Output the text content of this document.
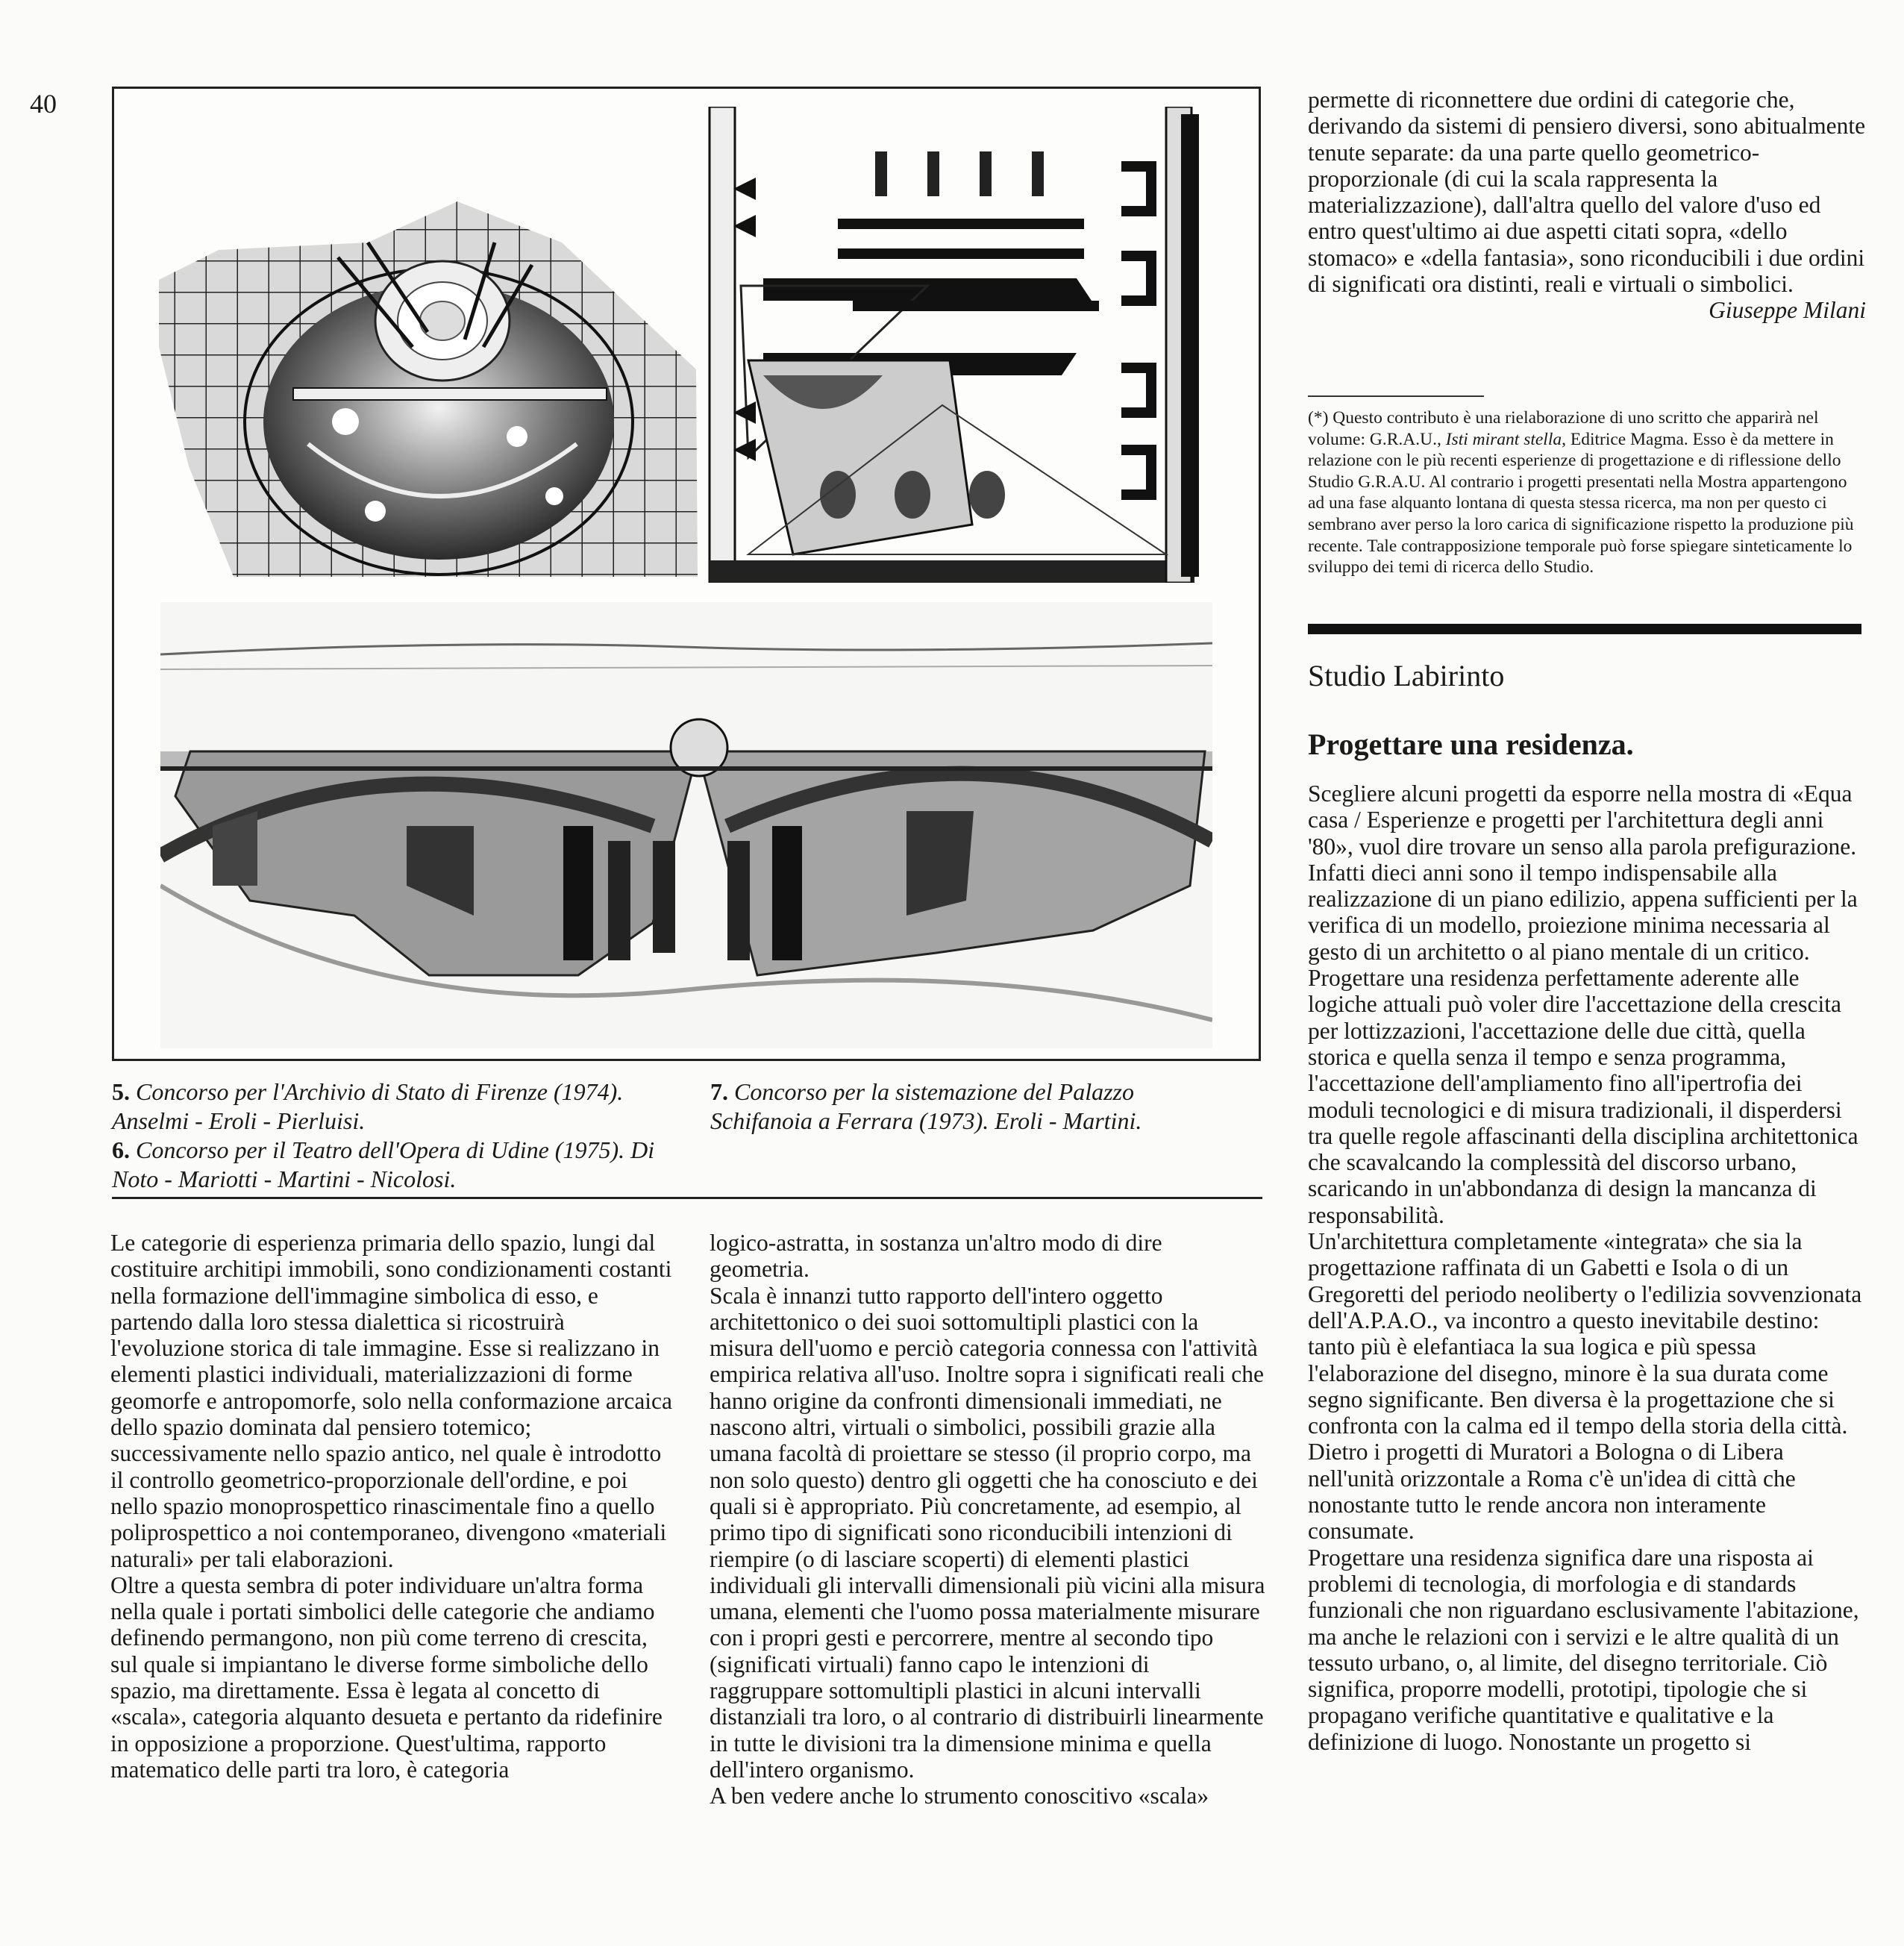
40
5. Concorso per l'Archivio di Stato di Firenze (1974). Anselmi - Eroli - Pierluisi.
6. Concorso per il Teatro dell'Opera di Udine (1975). Di Noto - Mariotti - Martini - Nicolosi.
7. Concorso per la sistemazione del Palazzo Schifanoia a Ferrara (1973). Eroli - Martini.

Le categorie di esperienza primaria dello spazio, lungi dal costituire architipi immobili, sono condizionamenti costanti nella formazione dell'immagine simbolica di esso, e partendo dalla loro stessa dialettica si ricostruirà l'evoluzione storica di tale immagine. Esse si realizzano in elementi plastici individuali, materializzazioni di forme geomorfe e antropomorfe, solo nella conformazione arcaica dello spazio dominata dal pensiero totemico; successivamente nello spazio antico, nel quale è introdotto il controllo geometrico-proporzionale dell'ordine, e poi nello spazio monoprospettico rinascimentale fino a quello poliprospettico a noi contemporaneo, divengono «materiali naturali» per tali elaborazioni.

Oltre a questa sembra di poter individuare un'altra forma nella quale i portati simbolici delle categorie che andiamo definendo permangono, non più come terreno di crescita, sul quale si impiantano le diverse forme simboliche dello spazio, ma direttamente. Essa è legata al concetto di «scala», categoria alquanto desueta e pertanto da ridefinire in opposizione a proporzione. Quest'ultima, rapporto matematico delle parti tra loro, è categoria

logico-astratta, in sostanza un'altro modo di dire geometria.

Scala è innanzi tutto rapporto dell'intero oggetto architettonico o dei suoi sottomultipli plastici con la misura dell'uomo e perciò categoria connessa con l'attività empirica relativa all'uso. Inoltre sopra i significati reali che hanno origine da confronti dimensionali immediati, ne nascono altri, virtuali o simbolici, possibili grazie alla umana facoltà di proiettare se stesso (il proprio corpo, ma non solo questo) dentro gli oggetti che ha conosciuto e dei quali si è appropriato. Più concretamente, ad esempio, al primo tipo di significati sono riconducibili intenzioni di riempire (o di lasciare scoperti) di elementi plastici individuali gli intervalli dimensionali più vicini alla misura umana, elementi che l'uomo possa materialmente misurare con i propri gesti e percorrere, mentre al secondo tipo (significati virtuali) fanno capo le intenzioni di raggruppare sottomultipli plastici in alcuni intervalli distanziali tra loro, o al contrario di distribuirli linearmente in tutte le divisioni tra la dimensione minima e quella dell'intero organismo.

A ben vedere anche lo strumento conoscitivo «scala»

permette di riconnettere due ordini di categorie che, derivando da sistemi di pensiero diversi, sono abitualmente tenute separate: da una parte quello geometrico-proporzionale (di cui la scala rappresenta la materializzazione), dall'altra quello del valore d'uso ed entro quest'ultimo ai due aspetti citati sopra, «dello stomaco» e «della fantasia», sono riconducibili i due ordini di significati ora distinti, reali e virtuali o simbolici.

Giuseppe Milani
(*) Questo contributo è una rielaborazione di uno scritto che apparirà nel volume: G.R.A.U., Isti mirant stella, Editrice Magma. Esso è da mettere in relazione con le più recenti esperienze di progettazione e di riflessione dello Studio G.R.A.U. Al contrario i progetti presentati nella Mostra appartengono ad una fase alquanto lontana di questa stessa ricerca, ma non per questo ci sembrano aver perso la loro carica di significazione rispetto la produzione più recente. Tale contrapposizione temporale può forse spiegare sinteticamente lo sviluppo dei temi di ricerca dello Studio.
Studio Labirinto
Progettare una residenza.

Scegliere alcuni progetti da esporre nella mostra di «Equa casa / Esperienze e progetti per l'architettura degli anni '80», vuol dire trovare un senso alla parola prefigurazione.

Infatti dieci anni sono il tempo indispensabile alla realizzazione di un piano edilizio, appena sufficienti per la verifica di un modello, proiezione minima necessaria al gesto di un architetto o al piano mentale di un critico.

Progettare una residenza perfettamente aderente alle logiche attuali può voler dire l'accettazione della crescita per lottizzazioni, l'accettazione delle due città, quella storica e quella senza il tempo e senza programma, l'accettazione dell'ampliamento fino all'ipertrofia dei moduli tecnologici e di misura tradizionali, il disperdersi tra quelle regole affascinanti della disciplina architettonica che scavalcando la complessità del discorso urbano, scaricando in un'abbondanza di design la mancanza di responsabilità.

Un'architettura completamente «integrata» che sia la progettazione raffinata di un Gabetti e Isola o di un Gregoretti del periodo neoliberty o l'edilizia sovvenzionata dell'A.P.A.O., va incontro a questo inevitabile destino: tanto più è elefantiaca la sua logica e più spessa l'elaborazione del disegno, minore è la sua durata come segno significante. Ben diversa è la progettazione che si confronta con la calma ed il tempo della storia della città. Dietro i progetti di Muratori a Bologna o di Libera nell'unità orizzontale a Roma c'è un'idea di città che nonostante tutto le rende ancora non interamente consumate.

Progettare una residenza significa dare una risposta ai problemi di tecnologia, di morfologia e di standards funzionali che non riguardano esclusivamente l'abitazione, ma anche le relazioni con i servizi e le altre qualità di un tessuto urbano, o, al limite, del disegno territoriale. Ciò significa, proporre modelli, prototipi, tipologie che si propagano verifiche quantitative e qualitative e la definizione di luogo. Nonostante un progetto si
